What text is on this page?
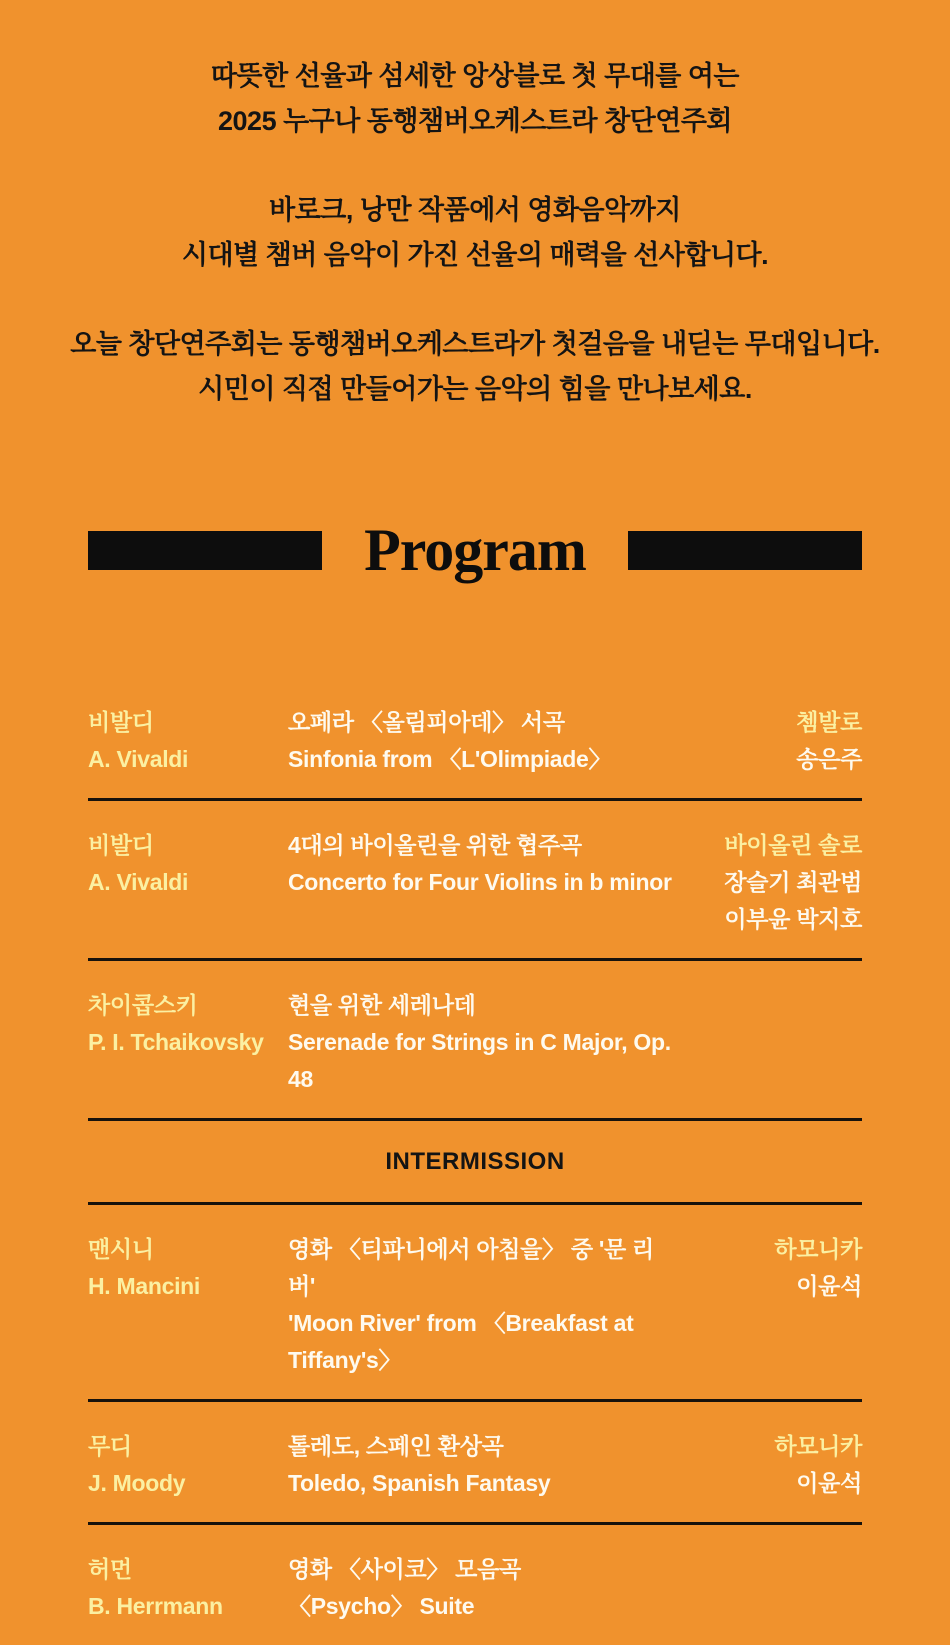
따뜻한 선율과 섬세한 앙상블로 첫 무대를 여는
2025 누구나 동행챔버오케스트라 창단연주회
바로크, 낭만 작품에서 영화음악까지
시대별 챔버 음악이 가진 선율의 매력을 선사합니다.
오늘 창단연주회는 동행챔버오케스트라가 첫걸음을 내딛는 무대입니다.
시민이 직접 만들어가는 음악의 힘을 만나보세요.
Program
비발디
A. Vivaldi
오페라 〈올림피아데〉 서곡
Sinfonia from 〈L'Olimpiade〉
쳄발로
송은주
비발디
A. Vivaldi
4대의 바이올린을 위한 협주곡
Concerto for Four Violins in b minor
바이올린 솔로
장슬기 최관범
이부윤 박지호
차이콥스키
P. I. Tchaikovsky
현을 위한 세레나데
Serenade for Strings in C Major, Op. 48
INTERMISSION
맨시니
H. Mancini
영화 〈티파니에서 아침을〉 중 '문 리버'
'Moon River' from 〈Breakfast at Tiffany's〉
하모니카
이윤석
무디
J. Moody
톨레도, 스페인 환상곡
Toledo, Spanish Fantasy
하모니카
이윤석
허먼
B. Herrmann
영화 〈사이코〉 모음곡
〈Psycho〉 Suite
